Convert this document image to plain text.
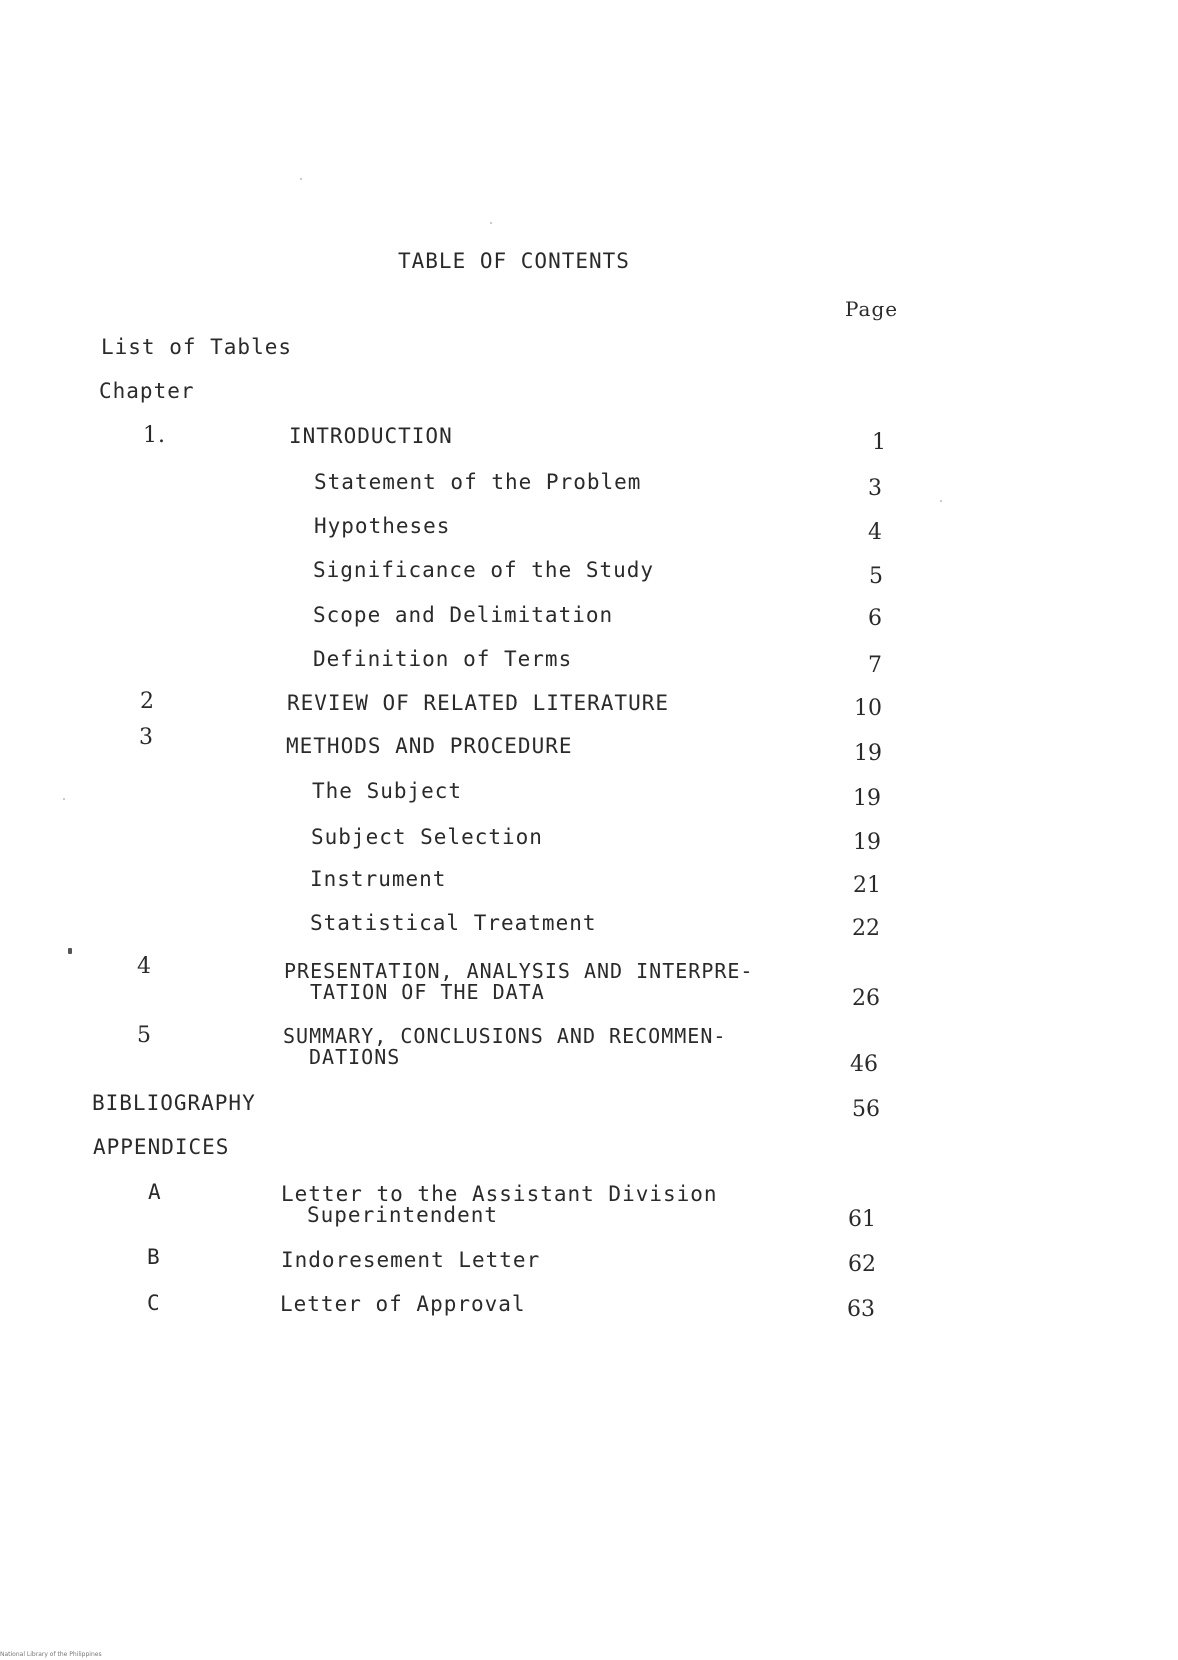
TABLE OF CONTENTS
Page
List of Tables
Chapter
1.	INTRODUCTION	1
Statement of the Problem	3
Hypotheses	4
Significance of the Study	5
Scope and Delimitation	6
Definition of Terms	7
2	REVIEW OF RELATED LITERATURE	10
3	METHODS AND PROCEDURE	19
The Subject	19
Subject Selection	19
Instrument	21
Statistical Treatment	22
4	PRESENTATION, ANALYSIS AND INTERPRE-
TATION OF THE DATA	26
5	SUMMARY, CONCLUSIONS AND RECOMMEN-
DATIONS	46
BIBLIOGRAPHY	56
APPENDICES
A	Letter to the Assistant Division
Superintendent	61
B	Indoresement Letter	62
C	Letter of Approval	63
National Library of the Philippines
